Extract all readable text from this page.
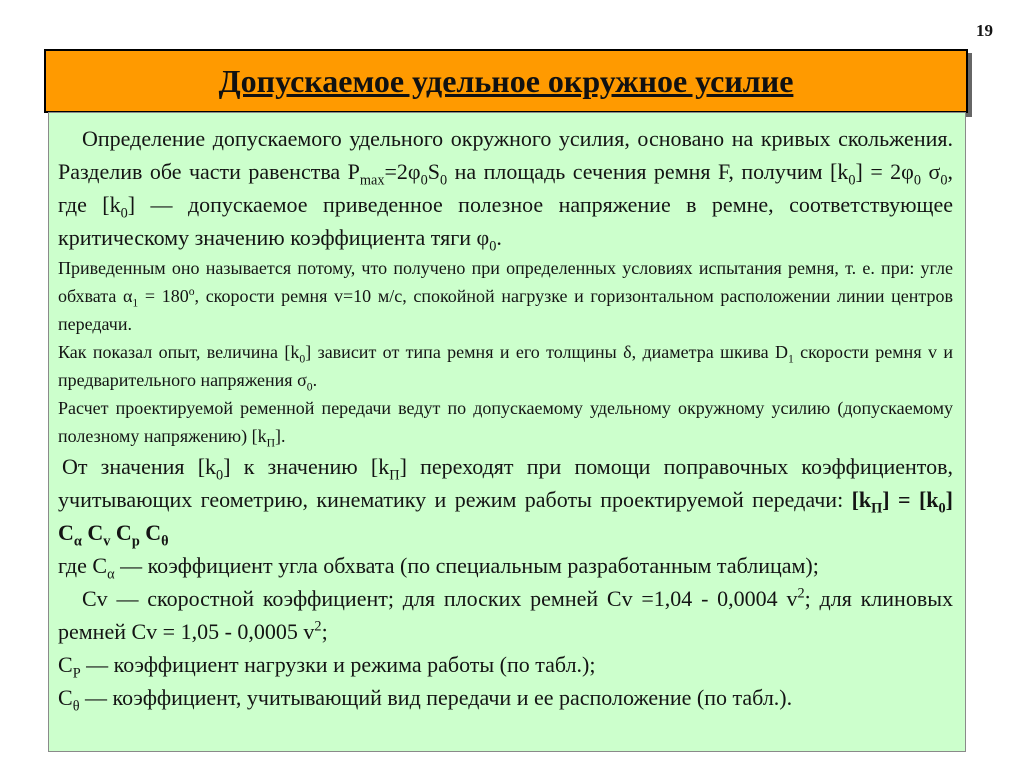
19
Допускаемое удельное окружное усилие

Определение допускаемого удельного окружного усилия, основано на кривых скольжения. Разделив обе части равенства $P_{max}=2\varphi_0S_0$ на площадь сечения ремня F, получим $[k_0] = 2\varphi_0$ $\sigma_0$, где $[k_0]$ — допускаемое приведенное полезное напряжение в ремне, соответствующее критическому значению коэффициента тяги $\varphi_0$.

Приведенным оно называется потому, что получено при определенных условиях испытания ремня, т. е. при: угле обхвата $\alpha_1 = 180^o$, скорости ремня v=10 м/с, спокойной нагрузке и горизонтальном расположении линии центров передачи.

Как показал опыт, величина $[k_0]$ зависит от типа ремня и его толщины δ, диаметра шкива $D_1$ скорости ремня v и предварительного напряжения $\sigma_0$.

Расчет проектируемой ременной передачи ведут по допускаемому удельному окружному усилию (допускаемому полезному напряжению) $[k_П]$.

От значения $[k_0]$ к значению $[k_П]$ переходят при помощи поправочных коэффициентов, учитывающих геометрию, кинематику и режим работы проектируемой передачи: $[k_П] = [k_0]$ $C_\alpha$ $C_v$ $C_p$ $C_\theta$

где $C_\alpha$ — коэффициент угла обхвата (по специальным разработанным таблицам);

Cv — скоростной коэффициент; для плоских ремней Cv =1,04 - 0,0004 $v^2$; для клиновых ремней Cv = 1,05 - 0,0005 $v^2$;

$C_P$ — коэффициент нагрузки и режима работы (по табл.);

$C_\theta$ — коэффициент, учитывающий вид передачи и ее расположение (по табл.).
